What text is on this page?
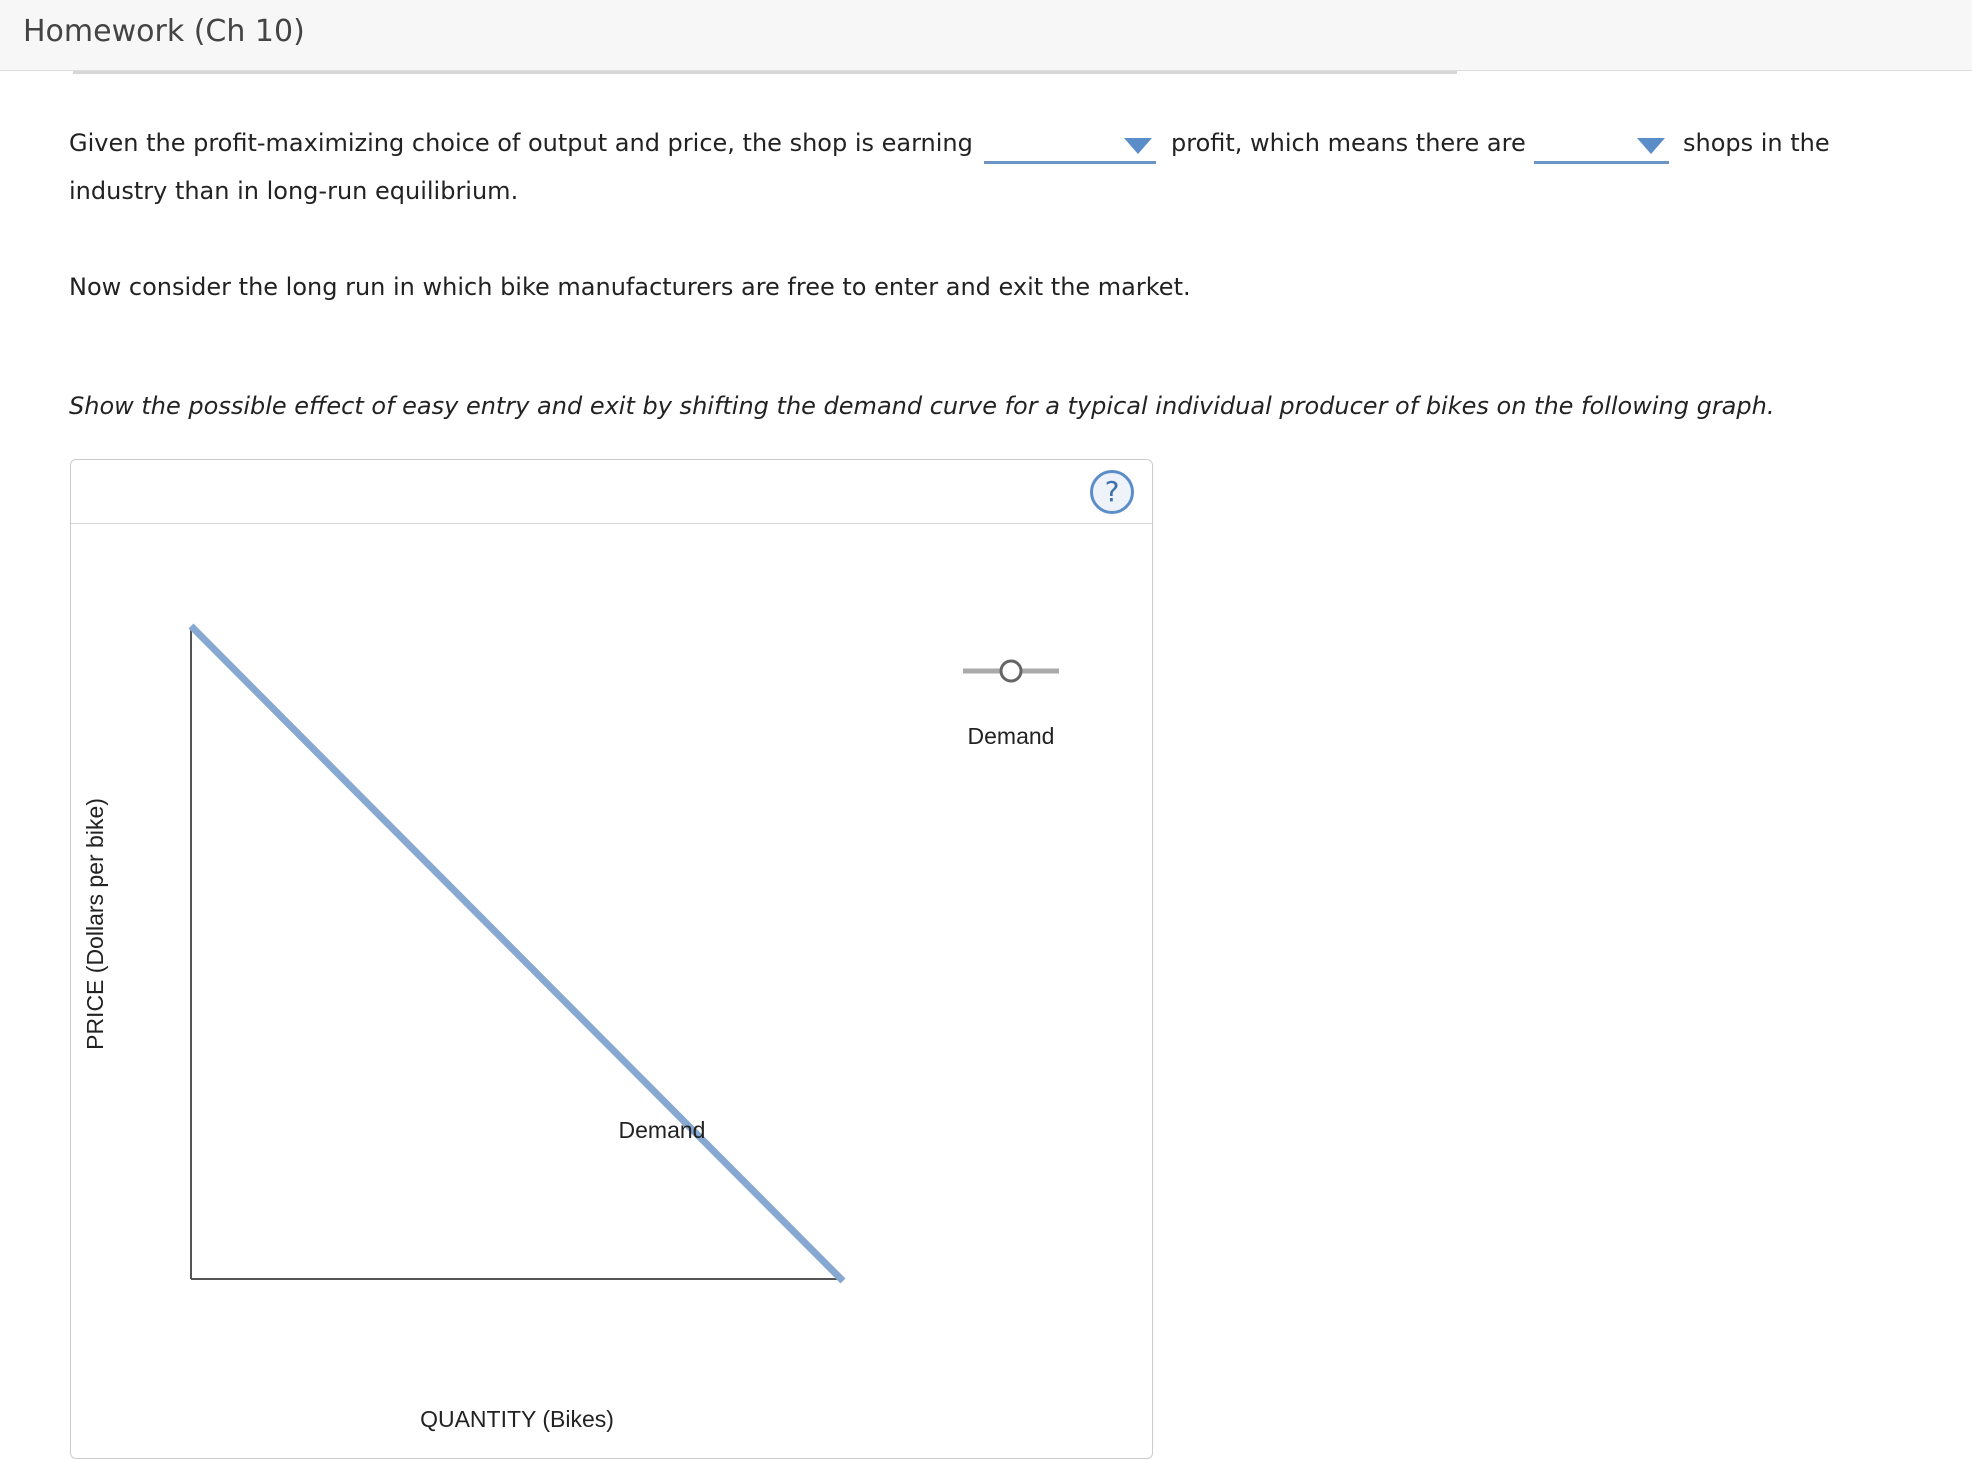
Homework (Ch 10)
Given the profit-maximizing choice of output and price, the shop is earning	profit, which means there are	shops in the
industry than in long-run equilibrium.
Now consider the long run in which bike manufacturers are free to enter and exit the market.
Show the possible effect of easy entry and exit by shifting the demand curve for a typical individual producer of bikes on the following graph.
?
PRICE (Dollars per bike)
QUANTITY (Bikes)
Demand
Demand
